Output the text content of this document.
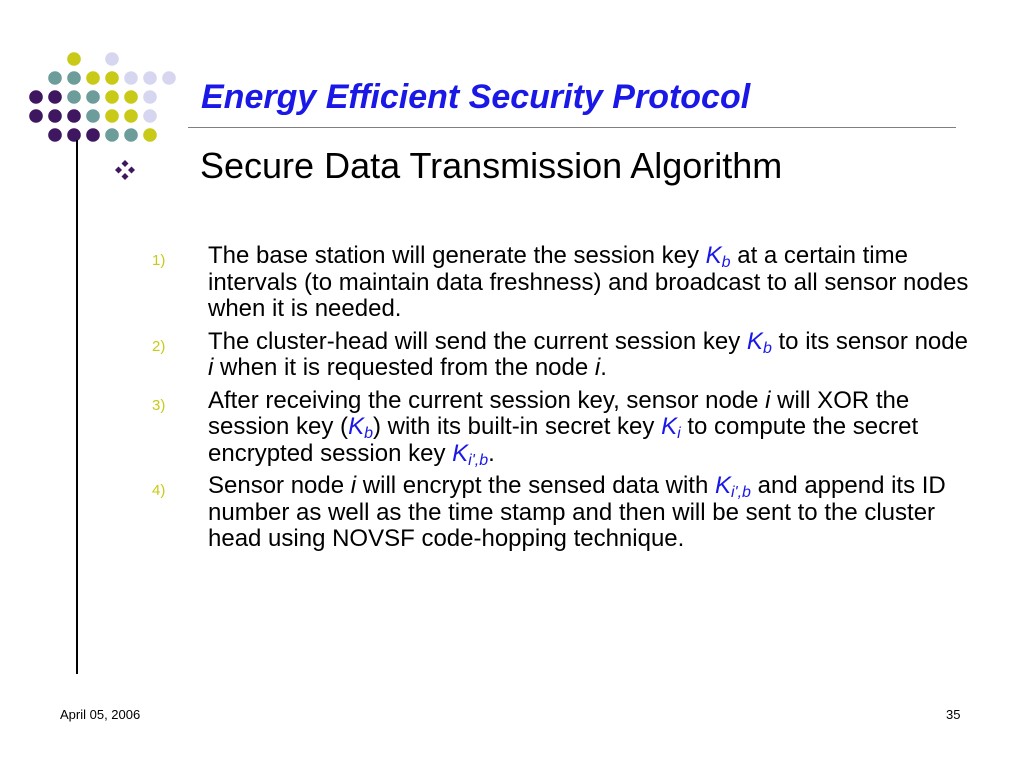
Energy Efficient Security Protocol
Secure Data Transmission Algorithm
1) The base station will generate the session key $K_b$ at a certain time intervals (to maintain data freshness) and broadcast to all sensor nodes when it is needed.
2) The cluster-head will send the current session key $K_b$ to its sensor node i when it is requested from the node i.
3) After receiving the current session key, sensor node i will XOR the session key $(K_b)$ with its built-in secret key $K_i$ to compute the secret encrypted session key $K_{i',b}$.
4) Sensor node i will encrypt the sensed data with $K_{i',b}$ and append its ID number as well as the time stamp and then will be sent to the cluster head using NOVSF code-hopping technique.
April 05, 2006	35
